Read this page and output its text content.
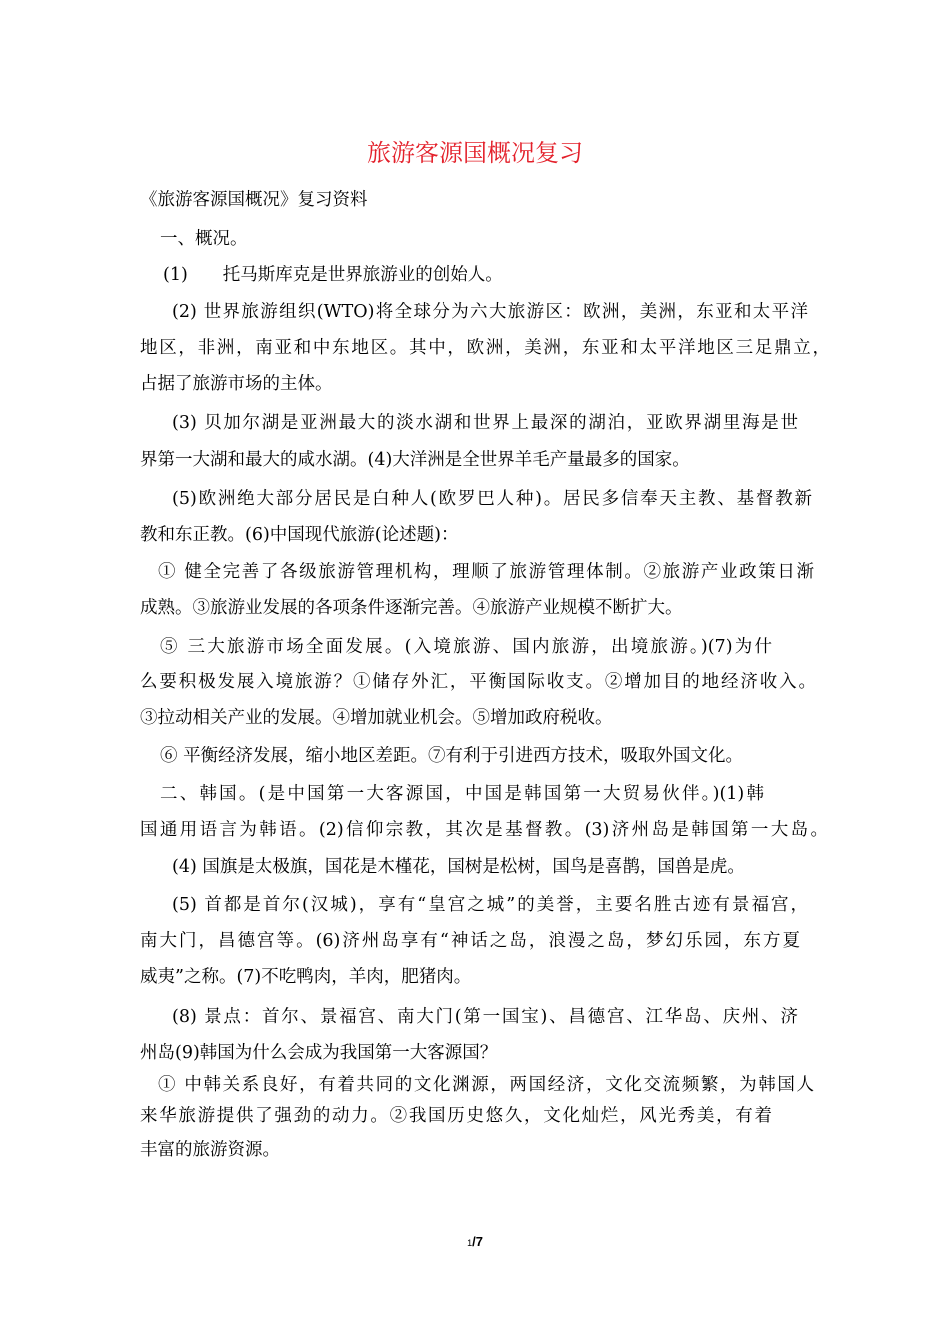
旅游客源国概况复习
《旅游客源国概况》复习资料
一、概况。
(1)　　托马斯库克是世界旅游业的创始人。
(2) 世界旅游组织(WTO)将全球分为六大旅游区：欧洲，美洲，东亚和太平洋
地区，非洲，南亚和中东地区。其中，欧洲，美洲，东亚和太平洋地区三足鼎立，
占据了旅游市场的主体。
(3) 贝加尔湖是亚洲最大的淡水湖和世界上最深的湖泊，亚欧界湖里海是世
界第一大湖和最大的咸水湖。(4)大洋洲是全世界羊毛产量最多的国家。
(5)欧洲绝大部分居民是白种人(欧罗巴人种)。居民多信奉天主教、基督教新
教和东正教。(6)中国现代旅游(论述题)：
① 健全完善了各级旅游管理机构，理顺了旅游管理体制。②旅游产业政策日渐
成熟。③旅游业发展的各项条件逐渐完善。④旅游产业规模不断扩大。
⑤ 三大旅游市场全面发展。(入境旅游、国内旅游，出境旅游。)(7)为什
么要积极发展入境旅游？①储存外汇，平衡国际收支。②增加目的地经济收入。
③拉动相关产业的发展。④增加就业机会。⑤增加政府税收。
⑥ 平衡经济发展，缩小地区差距。⑦有利于引进西方技术，吸取外国文化。
二、韩国。(是中国第一大客源国，中国是韩国第一大贸易伙伴。)(1)韩
国通用语言为韩语。(2)信仰宗教，其次是基督教。(3)济州岛是韩国第一大岛。
(4) 国旗是太极旗，国花是木槿花，国树是松树，国鸟是喜鹊，国兽是虎。
(5) 首都是首尔(汉城)，享有“皇宫之城”的美誉，主要名胜古迹有景福宫，
南大门，昌德宫等。(6)济州岛享有“神话之岛，浪漫之岛，梦幻乐园，东方夏
威夷”之称。(7)不吃鸭肉，羊肉，肥猪肉。
(8) 景点：首尔、景福宫、南大门(第一国宝)、昌德宫、江华岛、庆州、济
州岛(9)韩国为什么会成为我国第一大客源国？
① 中韩关系良好，有着共同的文化渊源，两国经济，文化交流频繁，为韩国人
来华旅游提供了强劲的动力。②我国历史悠久，文化灿烂，风光秀美，有着
丰富的旅游资源。
1/7
